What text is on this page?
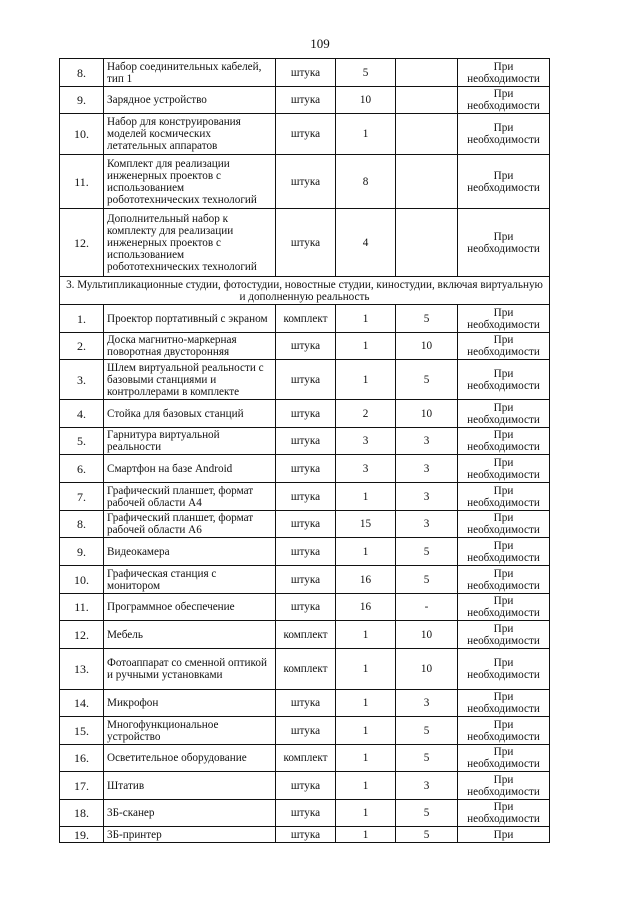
109
8.	Набор соединительных кабелей, тип 1	штука	5		При необходимости
9.	Зарядное устройство	штука	10		При необходимости
10.	Набор для конструирования моделей космических летательных аппаратов	штука	1		При необходимости
11.	Комплект для реализации инженерных проектов с использованием робототехнических технологий	штука	8		При необходимости
12.	Дополнительный набор к комплекту для реализации инженерных проектов с использованием робототехнических технологий	штука	4		При необходимости
3. Мультипликационные студии, фотостудии, новостные студии, киностудии, включая виртуальную и дополненную реальность					
1.	Проектор портативный с экраном	комплект	1	5	При необходимости
2.	Доска магнитно-маркерная поворотная двусторонняя	штука	1	10	При необходимости
3.	Шлем виртуальной реальности с базовыми станциями и контроллерами в комплекте	штука	1	5	При необходимости
4.	Стойка для базовых станций	штука	2	10	При необходимости
5.	Гарнитура виртуальной реальности	штука	3	3	При необходимости
6.	Смартфон на базе Android	штука	3	3	При необходимости
7.	Графический планшет, формат рабочей области А4	штука	1	3	При необходимости
8.	Графический планшет, формат рабочей области А6	штука	15	3	При необходимости
9.	Видеокамера	штука	1	5	При необходимости
10.	Графическая станция с монитором	штука	16	5	При необходимости
11.	Программное обеспечение	штука	16	-	При необходимости
12.	Мебель	комплект	1	10	При необходимости
13.	Фотоаппарат со сменной оптикой и ручными установками	комплект	1	10	При необходимости
14.	Микрофон	штука	1	3	При необходимости
15.	Многофункциональное устройство	штука	1	5	При необходимости
16.	Осветительное оборудование	комплект	1	5	При необходимости
17.	Штатив	штука	1	3	При необходимости
18.	3Б-сканер	штука	1	5	При необходимости
19.	3Б-принтер	штука	1	5	При
